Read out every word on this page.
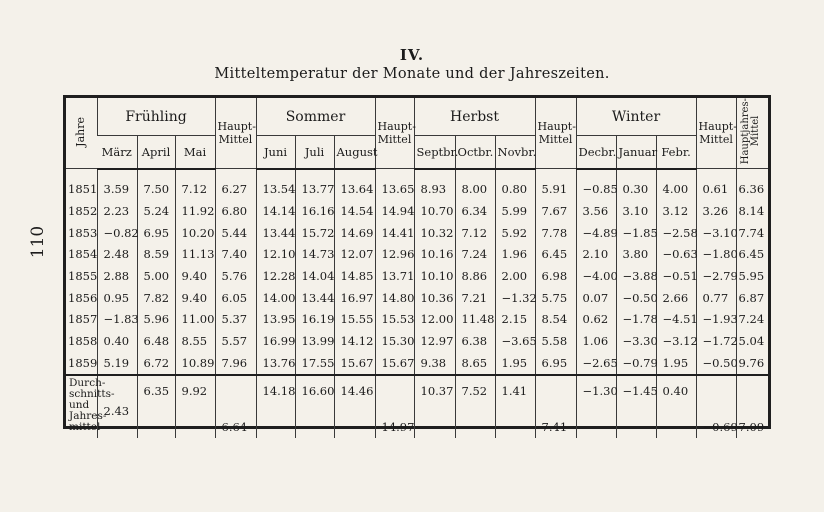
110
IV.
Mitteltemperatur der Monate und der Jahreszeiten.
Jahre	Frühling			Haupt-Mittel	Sommer			Haupt-Mittel	Herbst			Haupt-Mittel	Winter			Haupt-Mittel	Hauptjahres-Mittel
	März	April	Mai		Juni	Juli	August		Septbr.	Octbr.	Novbr.		Decbr.	Januar	Febr.		

1851	3.59	7.50	7.12	6.27	13.54	13.77	13.64	13.65	8.93	8.00	0.80	5.91	−0.85	0.30	4.00	0.61	6.36
1852	2.23	5.24	11.92	6.80	14.14	16.16	14.54	14.94	10.70	6.34	5.99	7.67	3.56	3.10	3.12	3.26	8.14
1853	−0.82	6.95	10.20	5.44	13.44	15.72	14.69	14.41	10.32	7.12	5.92	7.78	−4.89	−1.85	−2.58	−3.10	7.74
1854	2.48	8.59	11.13	7.40	12.10	14.73	12.07	12.96	10.16	7.24	1.96	6.45	2.10	3.80	−0.63	−1.80	6.45
1855	2.88	5.00	9.40	5.76	12.28	14.04	14.85	13.71	10.10	8.86	2.00	6.98	−4.00	−3.88	−0.51	−2.79	5.95
1856	0.95	7.82	9.40	6.05	14.00	13.44	16.97	14.80	10.36	7.21	−1.32	5.75	0.07	−0.50	2.66	0.77	6.87
1857	−1.83	5.96	11.00	5.37	13.95	16.19	15.55	15.53	12.00	11.48	2.15	8.54	0.62	−1.78	−4.51	−1.93	7.24
1858	0.40	6.48	8.55	5.57	16.99	13.99	14.12	15.30	12.97	6.38	−3.65	5.58	1.06	−3.30	−3.12	−1.72	5.04
1859	5.19	6.72	10.89	7.96	13.76	17.55	15.67	15.67	9.38	8.65	1.95	6.95	−2.65	−0.79	1.95	−0.50	9.76
Durch-schnitts- und Jahres-mittel	2.43	6.35	9.92	6.64	14.18	16.60	14.46	14.97	10.37	7.52	1.41	7.41	−1.30	−1.45	0.40	−0.69	7.09
